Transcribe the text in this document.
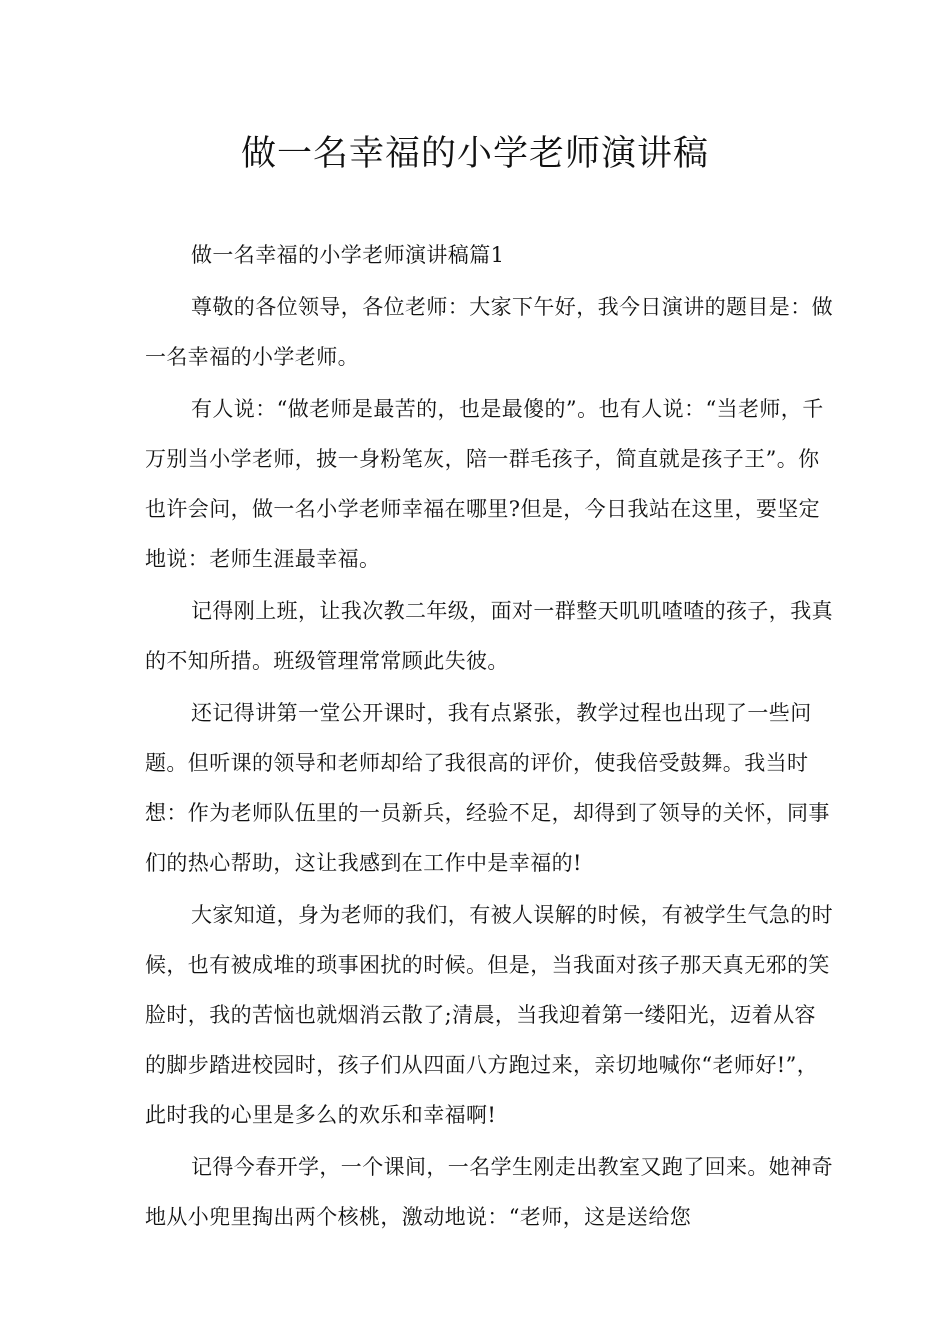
做一名幸福的小学老师演讲稿

做一名幸福的小学老师演讲稿篇1

尊敬的各位领导，各位老师：大家下午好，我今日演讲的题目是：做一名幸福的小学老师。

有人说：“做老师是最苦的，也是最傻的”。也有人说：“当老师，千万别当小学老师，披一身粉笔灰，陪一群毛孩子，简直就是孩子王”。你也许会问，做一名小学老师幸福在哪里?但是，今日我站在这里，要坚定地说：老师生涯最幸福。

记得刚上班，让我次教二年级，面对一群整天叽叽喳喳的孩子，我真的不知所措。班级管理常常顾此失彼。

还记得讲第一堂公开课时，我有点紧张，教学过程也出现了一些问题。但听课的领导和老师却给了我很高的评价，使我倍受鼓舞。我当时想：作为老师队伍里的一员新兵，经验不足，却得到了领导的关怀，同事们的热心帮助，这让我感到在工作中是幸福的!

大家知道，身为老师的我们，有被人误解的时候，有被学生气急的时候，也有被成堆的琐事困扰的时候。但是，当我面对孩子那天真无邪的笑脸时，我的苦恼也就烟消云散了;清晨，当我迎着第一缕阳光，迈着从容的脚步踏进校园时，孩子们从四面八方跑过来，亲切地喊你“老师好!”，此时我的心里是多么的欢乐和幸福啊!

记得今春开学，一个课间，一名学生刚走出教室又跑了回来。她神奇地从小兜里掏出两个核桃，激动地说：“老师，这是送给您
